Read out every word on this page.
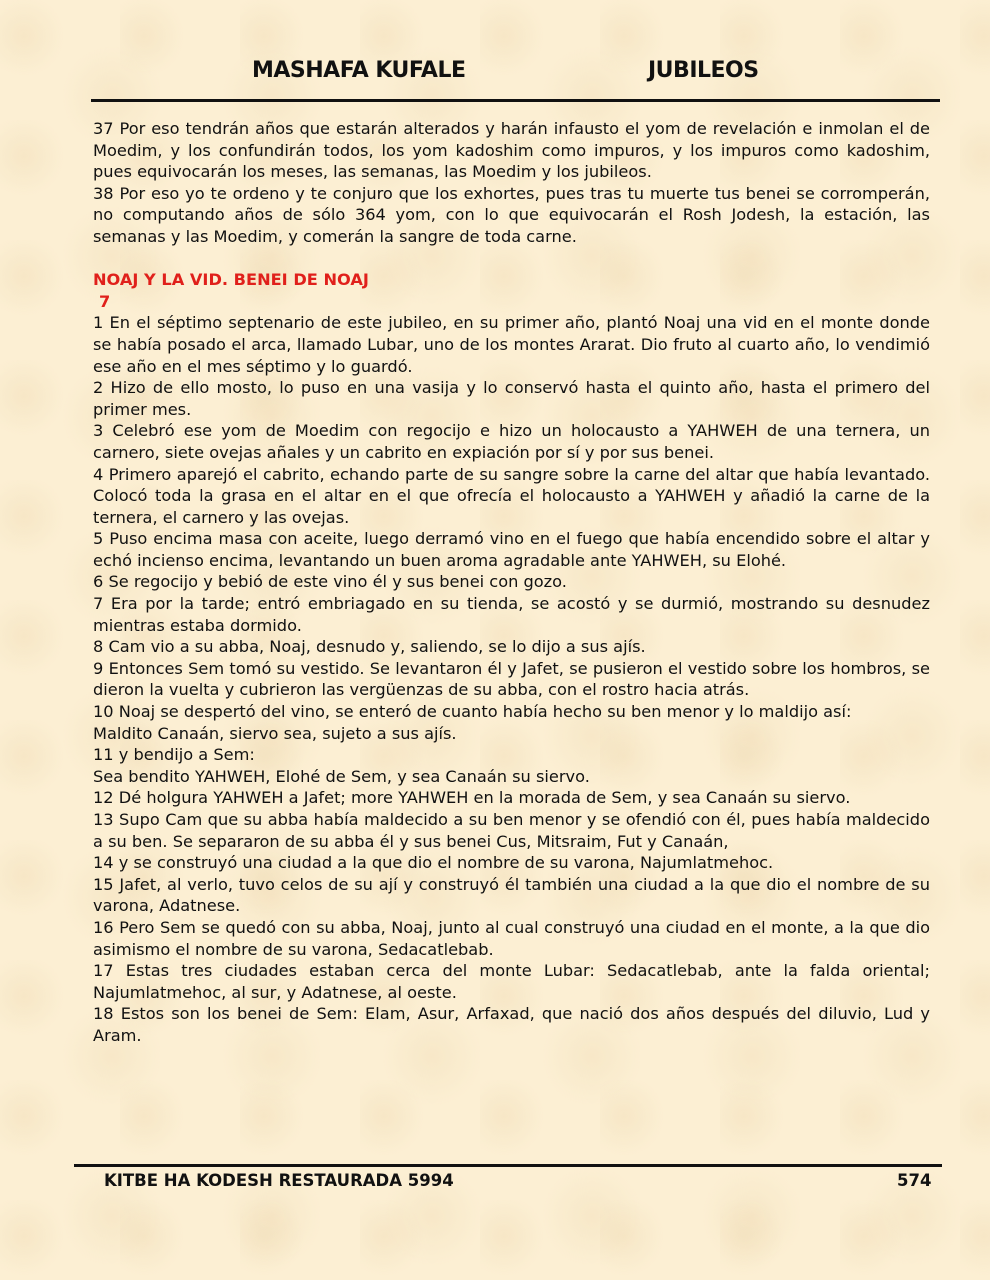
MASHAFA KUFALE	JUBILEOS

37 Por eso tendrán años que estarán alterados y harán infausto el yom de revelación e inmolan el de Moedim, y los confundirán todos, los yom kadoshim como impuros, y los impuros como kadoshim, pues equivocarán los meses, las semanas, las Moedim y los jubileos.

38 Por eso yo te ordeno y te conjuro que los exhortes, pues tras tu muerte tus benei se corromperán, no computando años de sólo 364 yom, con lo que equivocarán el Rosh Jodesh, la estación, las semanas y las Moedim, y comerán la sangre de toda carne.

NOAJ Y LA VID. BENEI DE NOAJ

7

1 En el séptimo septenario de este jubileo, en su primer año, plantó Noaj una vid en el monte donde se había posado el arca, llamado Lubar, uno de los montes Ararat. Dio fruto al cuarto año, lo vendimió ese año en el mes séptimo y lo guardó.

2 Hizo de ello mosto, lo puso en una vasija y lo conservó hasta el quinto año, hasta el primero del primer mes.

3 Celebró ese yom de Moedim con regocijo e hizo un holocausto a YAHWEH de una ternera, un carnero, siete ovejas añales y un cabrito en expiación por sí y por sus benei.

4 Primero aparejó el cabrito, echando parte de su sangre sobre la carne del altar que había levantado. Colocó toda la grasa en el altar en el que ofrecía el holocausto a YAHWEH y añadió la carne de la ternera, el carnero y las ovejas.

5 Puso encima masa con aceite, luego derramó vino en el fuego que había encendido sobre el altar y echó incienso encima, levantando un buen aroma agradable ante YAHWEH, su Elohé.

6 Se regocijo y bebió de este vino él y sus benei con gozo.

7 Era por la tarde; entró embriagado en su tienda, se acostó y se durmió, mostrando su desnudez mientras estaba dormido.

8 Cam vio a su abba, Noaj, desnudo y, saliendo, se lo dijo a sus ajís.

9 Entonces Sem tomó su vestido. Se levantaron él y Jafet, se pusieron el vestido sobre los hombros, se dieron la vuelta y cubrieron las vergüenzas de su abba, con el rostro hacia atrás.

10 Noaj se despertó del vino, se enteró de cuanto había hecho su ben menor y lo maldijo así:

Maldito Canaán, siervo sea, sujeto a sus ajís.

11 y bendijo a Sem:

Sea bendito YAHWEH, Elohé de Sem, y sea Canaán su siervo.

12 Dé holgura YAHWEH a Jafet; more YAHWEH en la morada de Sem, y sea Canaán su siervo.

13 Supo Cam que su abba había maldecido a su ben menor y se ofendió con él, pues había maldecido a su ben. Se separaron de su abba él y sus benei Cus, Mitsraim, Fut y Canaán,

14 y se construyó una ciudad a la que dio el nombre de su varona, Najumlatmehoc.

15 Jafet, al verlo, tuvo celos de su ají y construyó él también una ciudad a la que dio el nombre de su varona, Adatnese.

16 Pero Sem se quedó con su abba, Noaj, junto al cual construyó una ciudad en el monte, a la que dio asimismo el nombre de su varona, Sedacatlebab.

17 Estas tres ciudades estaban cerca del monte Lubar: Sedacatlebab, ante la falda oriental; Najumlatmehoc, al sur, y Adatnese, al oeste.

18 Estos son los benei de Sem: Elam, Asur, Arfaxad, que nació dos años después del diluvio, Lud y Aram.

KITBE HA KODESH RESTAURADA 5994	574
